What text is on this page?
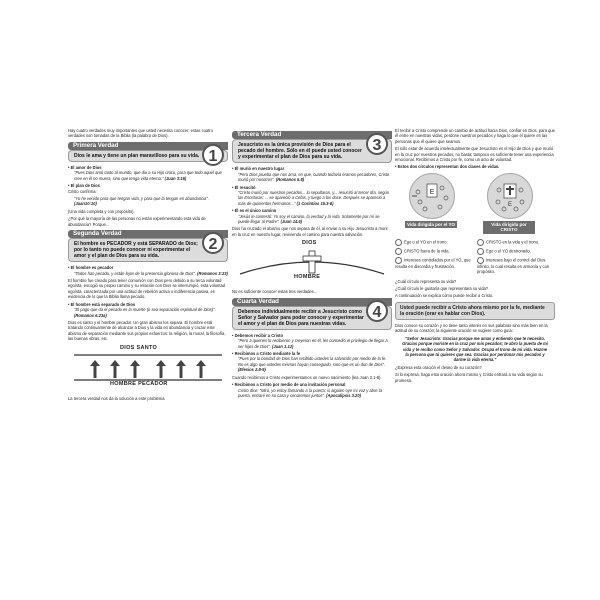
Hay cuatro verdades muy importantes que usted necesita conocer; estas cuatro verdades son tomadas de la Biblia (la palabra de Dios).

Primera Verdad
Dios le ama y tiene un plan maravilloso para su vida. 1
• El amor de Dios

"Pues Dios amó tanto al mundo, que dio a su Hijo único, para que todo aquel que cree en él no muera, sino que tenga vida eterna." (Juan 3:16)

• El plan de Dios

Cristo confirma:

"Yo he venido para que tengan vida, y para que la tengan en abundancia". (Juan10:10)

(Una vida completa y con propósito).

¿Por qué la mayoría de las personas no están experimentando esta vida de abundancia? Porque...

Segunda Verdad
El hombre es PECADOR y está SEPARADO de Dios; por lo tanto no puede conocer ni experimentar el amor y el plan de Dios para su vida.
2
• El hombre es pecador

"Todos han pecado, y están lejos de la presencia gloriosa de Dios". (Romanos 3:23)

El hombre fue creado para tener comunión con Dios pero debido a su terca voluntad egoísta, escogió su propio camino y su relación con Dios se interrumpió, esta voluntad egoísta, caracterizada por una actitud de rebelión activa o indiferencia pasiva, es evidencia de lo que la Biblia llama pecado.

• El hombre está separado de Dios

"El pago que da el pecado es la muerte (o sea separación espiritual de Dios)". (Romanos 6.23a)

Dios es santo y el hombre pecador. Un gran abismo los separa. El hombre está tratando continuamente de alcanzar a Dios y la vida en abundancia y cruzar este abismo de separación mediante sus propios esfuerzos: la religión, la moral, la filosofía, las buenas obras, etc.

DIOS SANTO
HOMBRE PECADOR

La tercera verdad nos da la solución a este problema

Tercera Verdad
Jesucristo es la única provisión de Dios para el pecado del hombre. Sólo en él puede usted conocer y experimentar el plan de Dios para su vida.
3
• Él murió en nuestro lugar

"Pero Dios prueba que nos ama, en que, cuando todavía éramos pecadores, Cristo murió por nosotros". (Romanos 5.8)

• Él resucitó

"Cristo murió por nuestros pecados... lo sepultaron, y... resucitó al tercer día, según las Escrituras; ... se apareció a Cefas, y luego a los doce. Después se apareció a más de quinientos hermanos..." (1 Corintios 15.3-6)

• Él es el único camino

"Jesús le contestó: Yo soy el camino, la verdad y la vida. Solamente por mí se puede llegar al Padre". (Juan 14.6)

Dios ha cruzado el abismo que nos separa de él, al enviar a su Hijo Jesucristo a morir en la cruz en nuestro lugar, reviviendo el camino para nuestra salvación.

DIOS
HOMBRE

No es suficiente conocer estas tres verdades...

Cuarta Verdad
Debemos individualmente recibir a Jesucristo como Señor y Salvador para poder conocer y experimentar el amor y el plan de Dios para nuestras vidas.
4
• Debemos recibir a Cristo

"Pero a quienes lo recibieron y creyeron en él, les concedió el privilegio de llegar a ser hijos de Dios". (Juan 1.12)

• Recibimos a Cristo mediante la fe

"Pues por la bondad de Dios han recibido ustedes la salvación por medio de la fe. No es algo que ustedes mismos hayan conseguido, sino que es un don de Dios". (Efesios 2.8-9)

Cuando recibimos a Cristo experimentamos un nuevo nacimiento (lea Juan 3.1-8).

• Recibimos a Cristo por medio de una invitación personal

Cristo dice: "Mira, yo estoy llamando a la puerta; si alguien oye mi voz y abre la puerta, entraré en su casa y cenaremos juntos". (Apocalipsis 3.20)

El recibir a Cristo comprende un cambio de actitud hacia Dios, confiar en Dios, para que él entre en nuestras vidas, perdone nuestros pecados y haga lo que él quiere en las personas que él quiere que seamos.

El sólo estar de acuerdo intelectualmente que Jesucristo es el Hijo de Dios y que murió en la cruz por nuestros pecados, no basta; tampoco es suficiente tener una experiencia emocional. Recibimos a Cristo por fe, como un acto de voluntad.

• Estos dos círculos representan dos clases de vidas.
E
E
Vida dirigida por el YO	Vida dirigida por CRISTO
Ego o el YO en el trono.	CRISTO en la vida y el trono.
CRISTO fuera de la vida.	Ego o el YO destronado.
Intereses controlados por el YO, que resulta en discordia y frustración.
Intereses bajo el control del Dios infinito, lo cual resulta en armonía y con propósito.

¿Cuál círculo representa su vida?

¿Cuál círculo le gustaría que representara su vida?

A continuación se explica cómo puede recibir a Cristo.

Usted puede recibir a Cristo ahora mismo por la fe, mediante la oración (orar es hablar con Dios).

Dios conoce su corazón y no tiene tanto interés en sus palabras sino más bien en la actitud de su corazón; la siguiente oración se sugiere como guía:

"Señor Jesucristo: Gracias porque me amas y entiendo que te necesito. Gracias porque moriste en la cruz por mis pecados; te abro la puerta de mi vida y te recibo como Señor y Salvador. Ocupa el trono de mi vida. Hazme la persona que tú quieres que sea. Gracias por perdonar mis pecados y darme la vida eterna."

¿Expresa esta oración el deseo de su corazón?

Si lo expresa, haga esta oración ahora mismo y Cristo entrará a su vida según su promesa.
